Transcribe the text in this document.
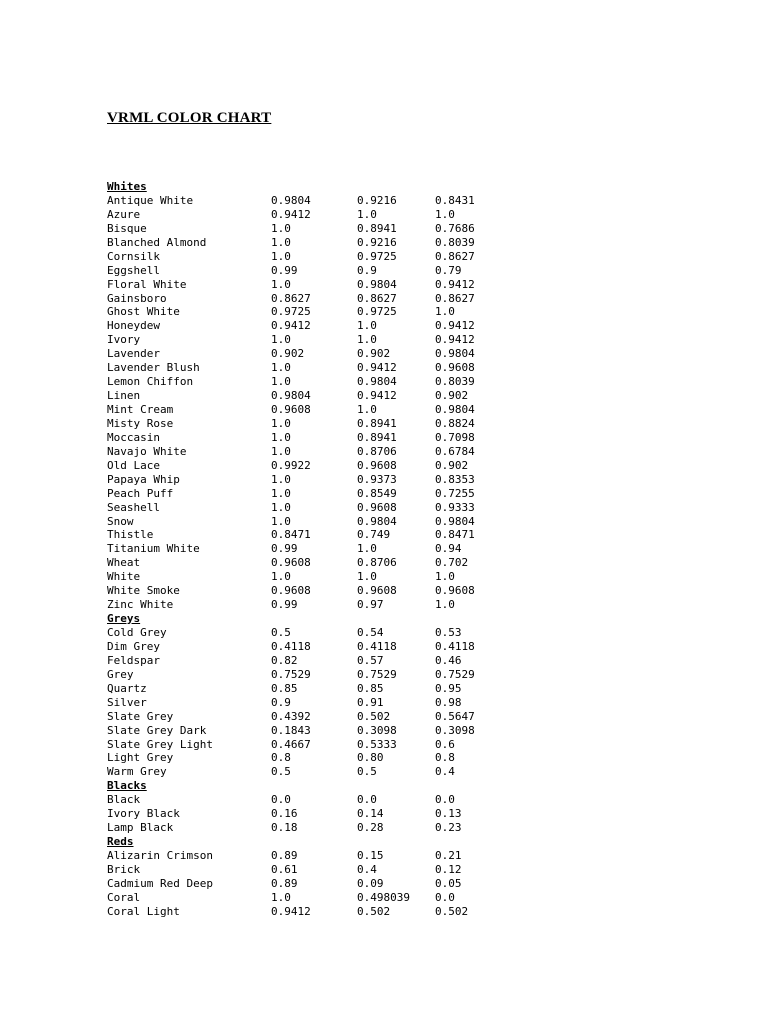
VRML COLOR CHART
Whites
Antique White	0.9804	0.9216	0.8431
Azure	0.9412	1.0	1.0
Bisque	1.0	0.8941	0.7686
Blanched Almond	1.0	0.9216	0.8039
Cornsilk	1.0	0.9725	0.8627
Eggshell	0.99	0.9	0.79
Floral White	1.0	0.9804	0.9412
Gainsboro	0.8627	0.8627	0.8627
Ghost White	0.9725	0.9725	1.0
Honeydew	0.9412	1.0	0.9412
Ivory	1.0	1.0	0.9412
Lavender	0.902	0.902	0.9804
Lavender Blush	1.0	0.9412	0.9608
Lemon Chiffon	1.0	0.9804	0.8039
Linen	0.9804	0.9412	0.902
Mint Cream	0.9608	1.0	0.9804
Misty Rose	1.0	0.8941	0.8824
Moccasin	1.0	0.8941	0.7098
Navajo White	1.0	0.8706	0.6784
Old Lace	0.9922	0.9608	0.902
Papaya Whip	1.0	0.9373	0.8353
Peach Puff	1.0	0.8549	0.7255
Seashell	1.0	0.9608	0.9333
Snow	1.0	0.9804	0.9804
Thistle	0.8471	0.749	0.8471
Titanium White	0.99	1.0	0.94
Wheat	0.9608	0.8706	0.702
White	1.0	1.0	1.0
White Smoke	0.9608	0.9608	0.9608
Zinc White	0.99	0.97	1.0
Greys
Cold Grey	0.5	0.54	0.53
Dim Grey	0.4118	0.4118	0.4118
Feldspar	0.82	0.57	0.46
Grey	0.7529	0.7529	0.7529
Quartz	0.85	0.85	0.95
Silver	0.9	0.91	0.98
Slate Grey	0.4392	0.502	0.5647
Slate Grey Dark	0.1843	0.3098	0.3098
Slate Grey Light	0.4667	0.5333	0.6
Light Grey	0.8	0.80	0.8
Warm Grey	0.5	0.5	0.4
Blacks
Black	0.0	0.0	0.0
Ivory Black	0.16	0.14	0.13
Lamp Black	0.18	0.28	0.23
Reds
Alizarin Crimson	0.89	0.15	0.21
Brick	0.61	0.4	0.12
Cadmium Red Deep	0.89	0.09	0.05
Coral	1.0	0.498039	0.0
Coral Light	0.9412	0.502	0.502
